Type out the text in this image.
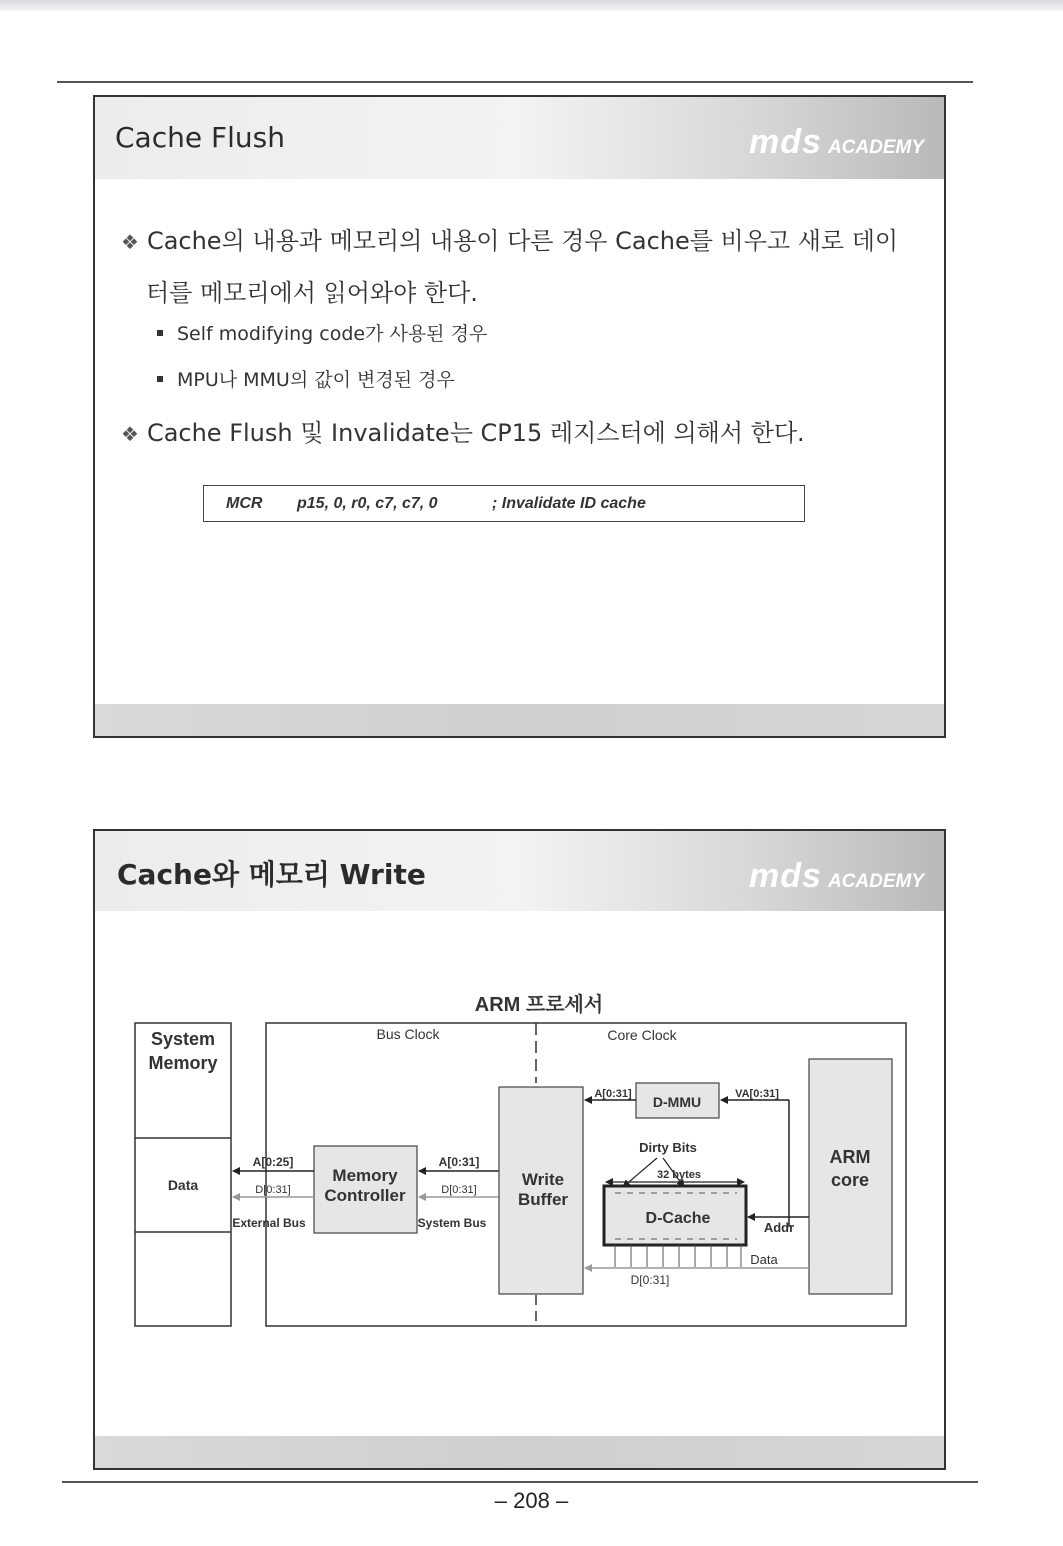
Cache Flush	mds ACADEMY
❖ Cache의 내용과 메모리의 내용이 다른 경우 Cache를 비우고 새로 데이
터를 메모리에서 읽어와야 한다.
Self modifying code가 사용된 경우
MPU나 MMU의 값이 변경된 경우
❖ Cache Flush 및 Invalidate는 CP15 레지스터에 의해서 한다.
MCR p15, 0, r0, c7, c7, 0	; Invalidate ID cache
Cache와 메모리 Write	mds ACADEMY
ARM 프로세서
System
Memory
Data
Bus Clock	Core Clock
Memory
Controller
A[0:25]
D[0:31]
External Bus
A[0:31]
D[0:31]
System Bus
Write
Buffer
D-MMU
A[0:31]	VA[0:31]
ARM
core
Dirty Bits
32 bytes
D-Cache
Addr
Data
D[0:31]
– 208 –
